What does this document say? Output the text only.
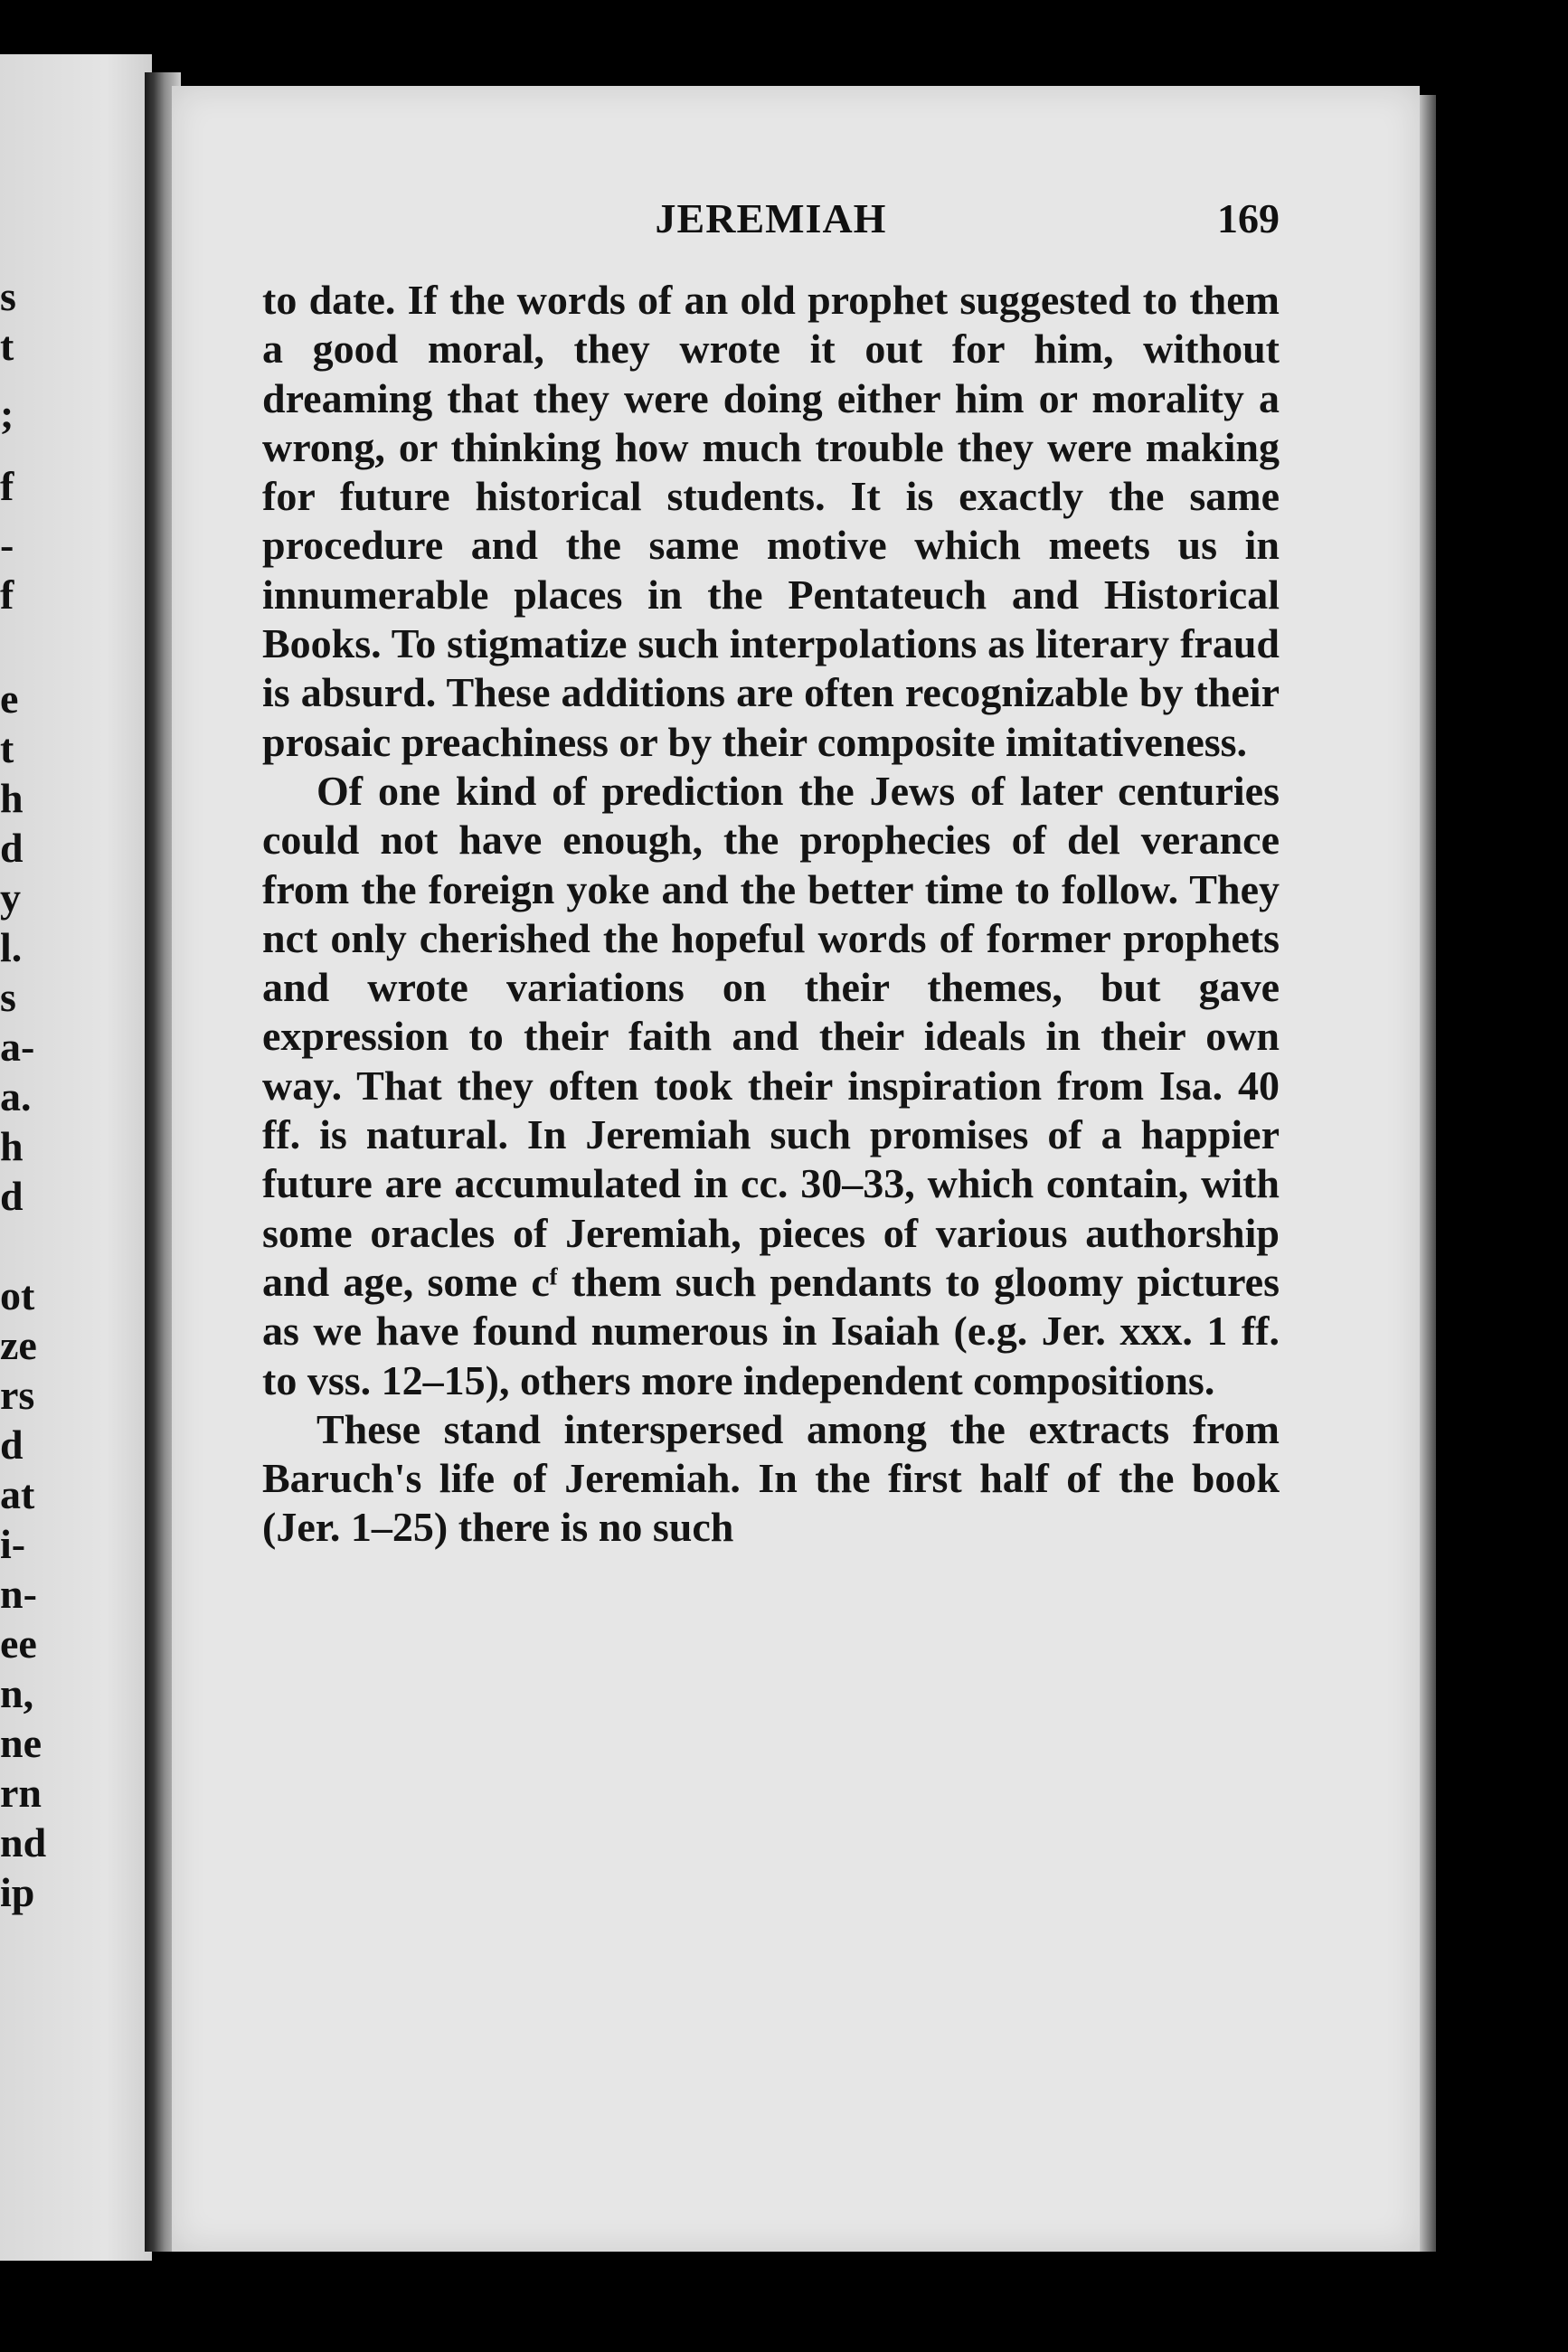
s
t
;
f
-
f
e
t
h
d
y
l.
s
a-
a.
h
d
ot
ze
rs
d
at
i-
n-
ee
n,
ne
rn
nd
ip
JEREMIAH	169

to date. If the words of an old prophet suggested to them a good moral, they wrote it out for him, without dreaming that they were doing either him or morality a wrong, or thinking how much trouble they were making for future historical students. It is exactly the same procedure and the same motive which meets us in innumerable places in the Pentateuch and Historical Books. To stigmatize such interpolations as literary fraud is absurd. These additions are often recognizable by their prosaic preachiness or by their composite imitativeness.

Of one kind of prediction the Jews of later centuries could not have enough, the prophecies of del verance from the foreign yoke and the better time to follow. They nct only cherished the hopeful words of former prophets and wrote variations on their themes, but gave expression to their faith and their ideals in their own way. That they often took their inspiration from Isa. 40 ff. is natural. In Jeremiah such promises of a happier future are accumulated in cc. 30–33, which contain, with some oracles of Jeremiah, pieces of various authorship and age, some cᶠ them such pendants to gloomy pictures as we have found numerous in Isaiah (e.g. Jer. xxx. 1 ff. to vss. 12–15), others more independent compositions.

These stand interspersed among the extracts from Baruch's life of Jeremiah. In the first half of the book (Jer. 1–25) there is no such
